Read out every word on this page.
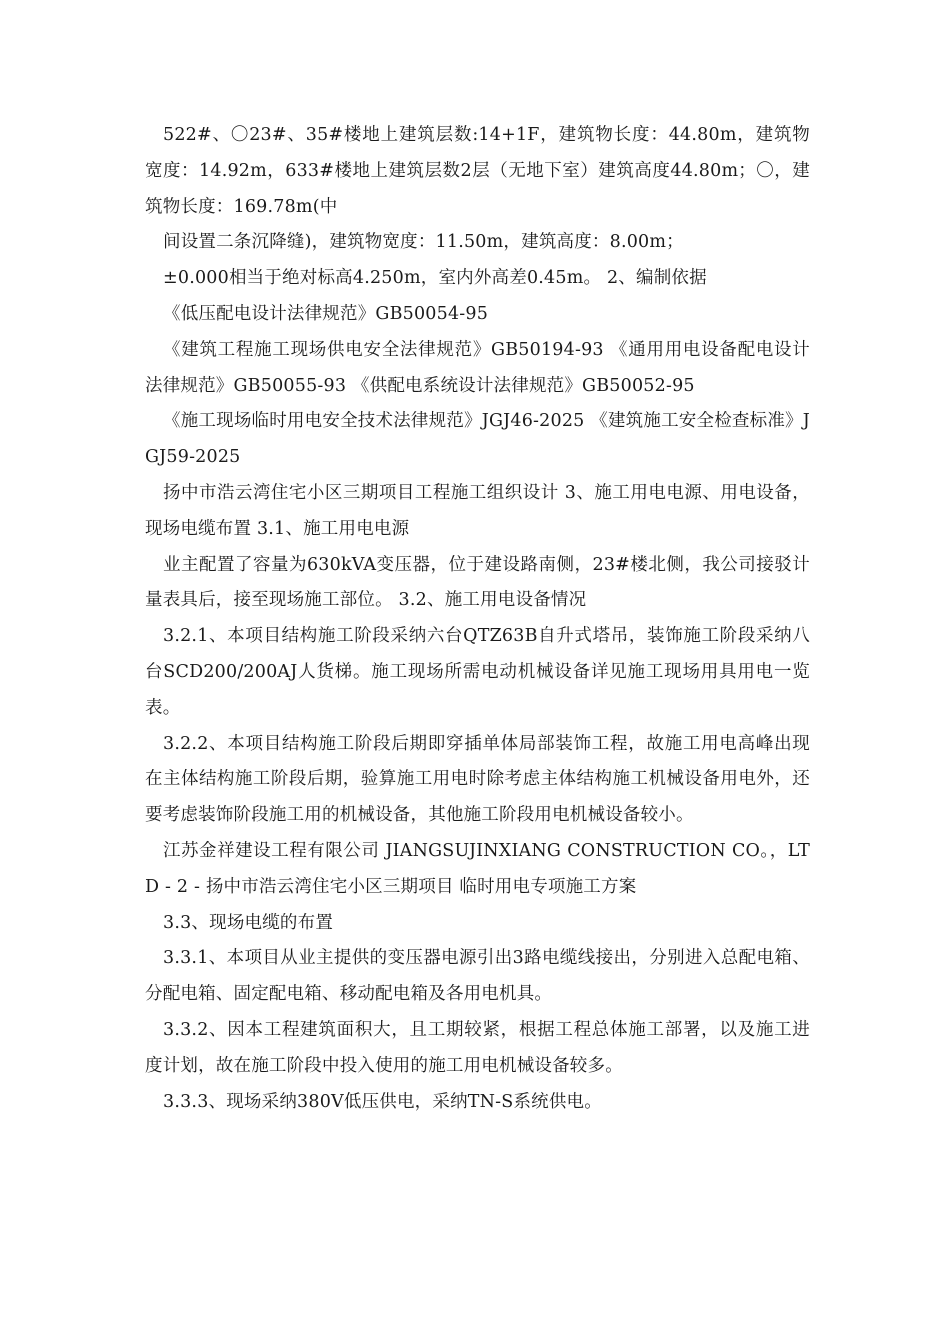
522#、〇23#、35#楼地上建筑层数:14+1F，建筑物长度：44.80m，建筑物宽度：14.92m，633#楼地上建筑层数2层（无地下室）建筑高度44.80m；〇，建筑物长度：169.78m(中

间设置二条沉降缝)，建筑物宽度：11.50m，建筑高度：8.00m；

±0.000相当于绝对标高4.250m，室内外高差0.45m。 2、编制依据

《低压配电设计法律规范》GB50054-95

《建筑工程施工现场供电安全法律规范》GB50194-93 《通用用电设备配电设计法律规范》GB50055-93 《供配电系统设计法律规范》GB50052-95

《施工现场临时用电安全技术法律规范》JGJ46-2025 《建筑施工安全检查标准》JGJ59-2025

扬中市浩云湾住宅小区三期项目工程施工组织设计 3、施工用电电源、用电设备，现场电缆布置 3.1、施工用电电源

业主配置了容量为630kVA变压器，位于建设路南侧，23#楼北侧，我公司接驳计量表具后，接至现场施工部位。 3.2、施工用电设备情况

3.2.1、本项目结构施工阶段采纳六台QTZ63B自升式塔吊，装饰施工阶段采纳八台SCD200/200AJ人货梯。施工现场所需电动机械设备详见施工现场用具用电一览表。

3.2.2、本项目结构施工阶段后期即穿插单体局部装饰工程，故施工用电高峰出现在主体结构施工阶段后期，验算施工用电时除考虑主体结构施工机械设备用电外，还要考虑装饰阶段施工用的机械设备，其他施工阶段用电机械设备较小。

江苏金祥建设工程有限公司 JIANGSUJINXIANG CONSTRUCTION CO。，LTD - 2 - 扬中市浩云湾住宅小区三期项目 临时用电专项施工方案

3.3、现场电缆的布置

3.3.1、本项目从业主提供的变压器电源引出3路电缆线接出，分别进入总配电箱、分配电箱、固定配电箱、移动配电箱及各用电机具。

3.3.2、因本工程建筑面积大，且工期较紧，根据工程总体施工部署，以及施工进度计划，故在施工阶段中投入使用的施工用电机械设备较多。

3.3.3、现场采纳380V低压供电，采纳TN-S系统供电。
